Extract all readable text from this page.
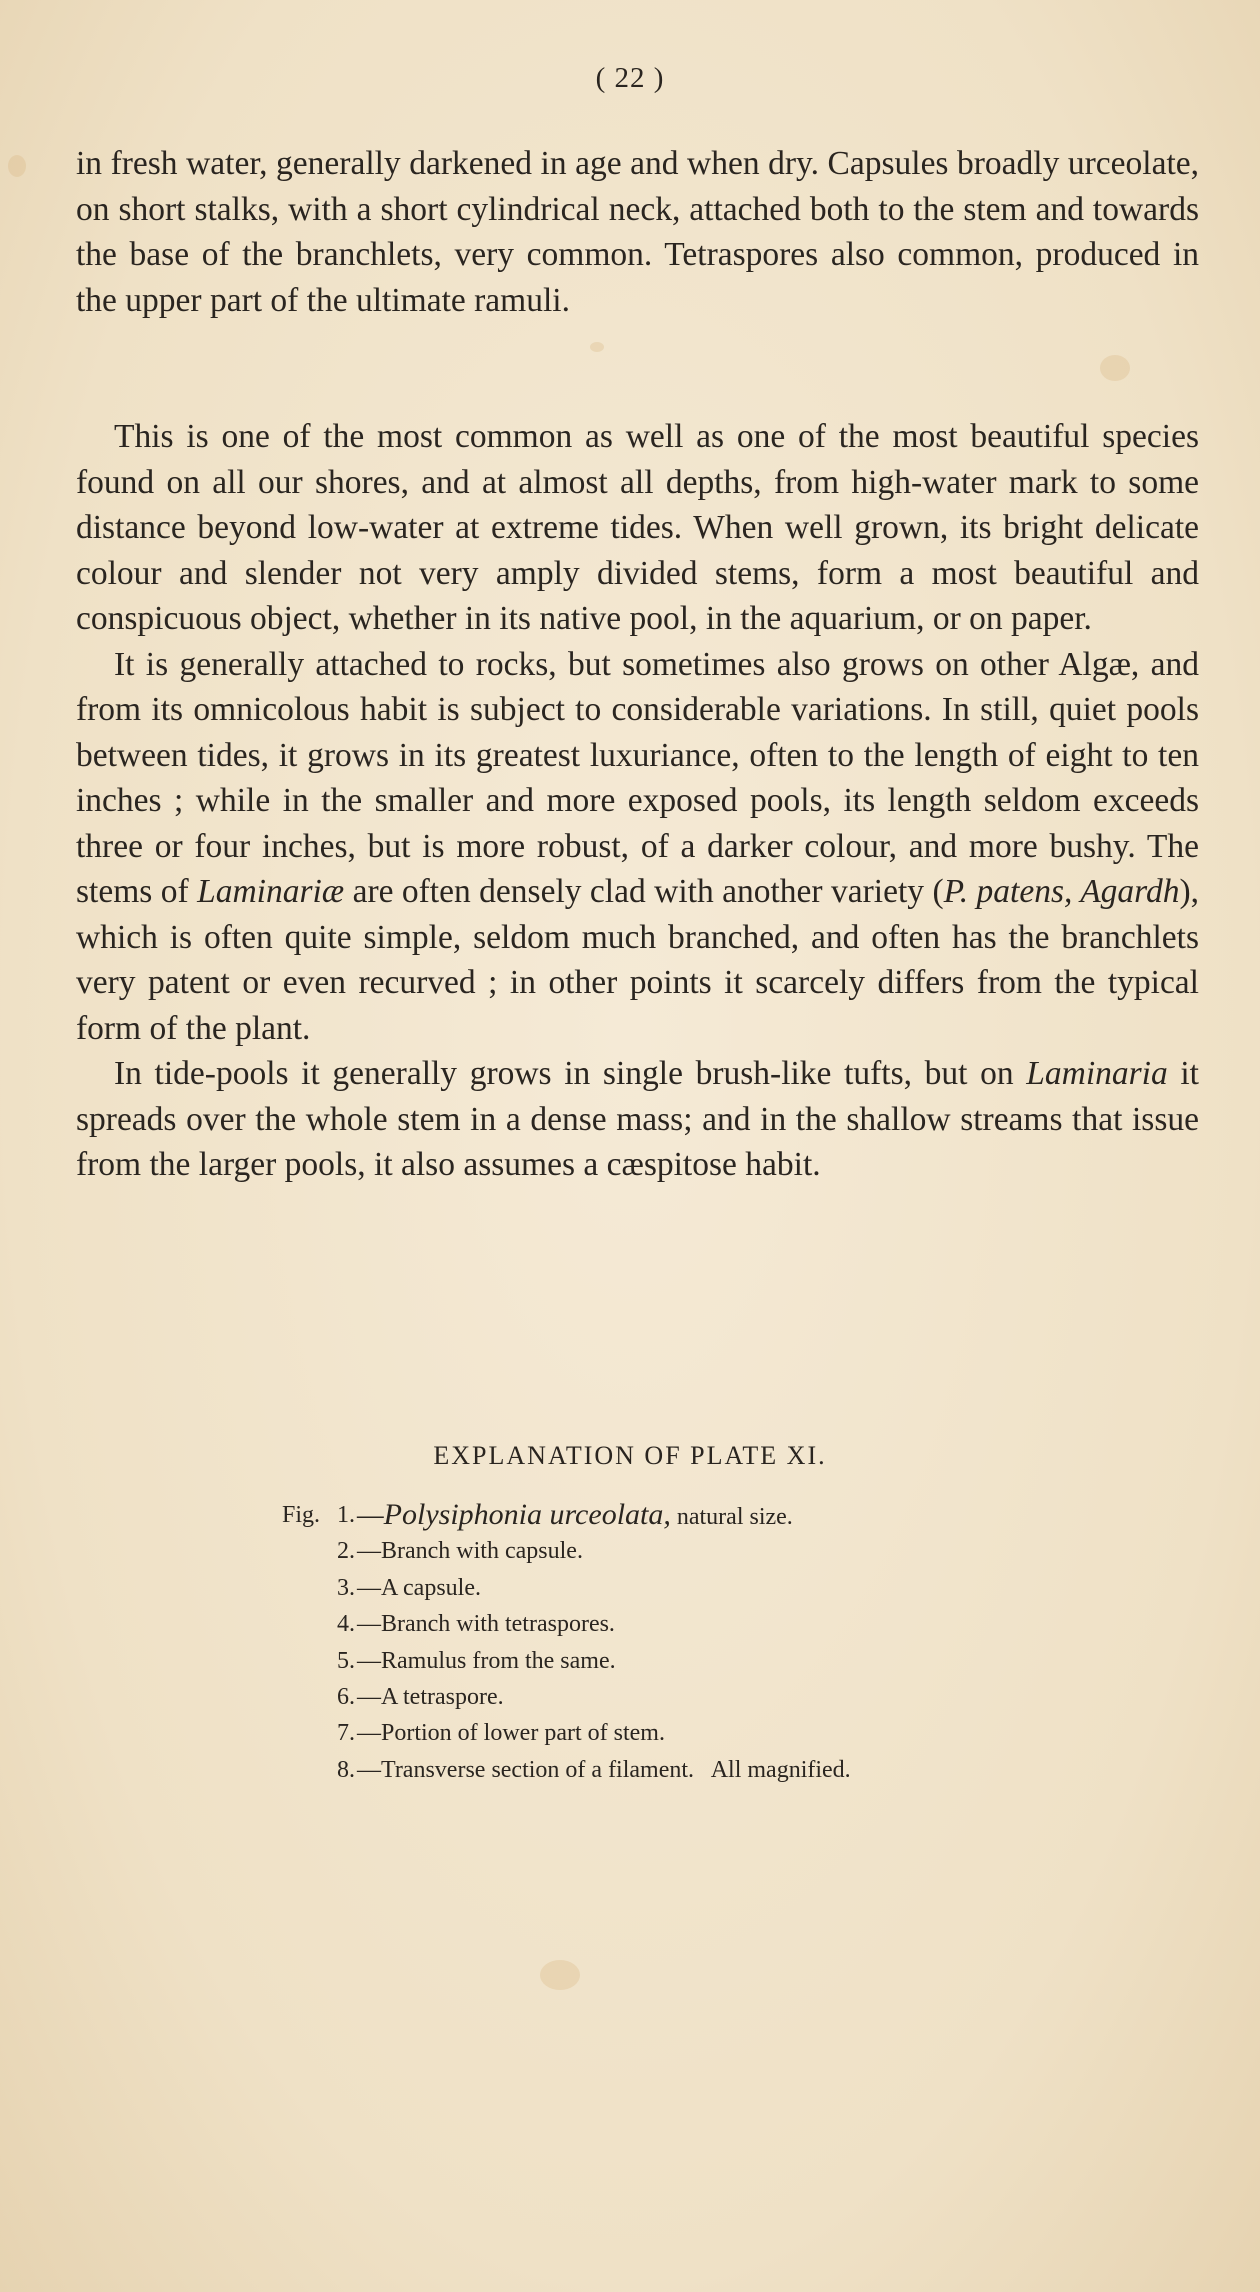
( 22 )

in fresh water, generally darkened in age and when dry. Capsules broadly urceolate, on short stalks, with a short cylindrical neck, attached both to the stem and towards the base of the branchlets, very common. Tetraspores also common, produced in the upper part of the ultimate ramuli.

This is one of the most common as well as one of the most beautiful species found on all our shores, and at almost all depths, from high-water mark to some distance beyond low-water at extreme tides. When well grown, its bright delicate colour and slender not very amply divided stems, form a most beautiful and conspicuous object, whether in its native pool, in the aquarium, or on paper.

It is generally attached to rocks, but sometimes also grows on other Algæ, and from its omnicolous habit is subject to considerable variations. In still, quiet pools between tides, it grows in its greatest luxuriance, often to the length of eight to ten inches ; while in the smaller and more exposed pools, its length seldom exceeds three or four inches, but is more robust, of a darker colour, and more bushy. The stems of Laminariæ are often densely clad with another variety (P. patens, Agardh), which is often quite simple, seldom much branched, and often has the branchlets very patent or even recurved ; in other points it scarcely differs from the typical form of the plant.

In tide-pools it generally grows in single brush-like tufts, but on Laminaria it spreads over the whole stem in a dense mass; and in the shallow streams that issue from the larger pools, it also assumes a cæspitose habit.

EXPLANATION OF PLATE XI.
Fig. 1. —Polysiphonia urceolata, natural size.
2. —Branch with capsule.
3. —A capsule.
4. —Branch with tetraspores.
5. —Ramulus from the same.
6. —A tetraspore.
7. —Portion of lower part of stem.
8. —Transverse section of a filament.   All magnified.
